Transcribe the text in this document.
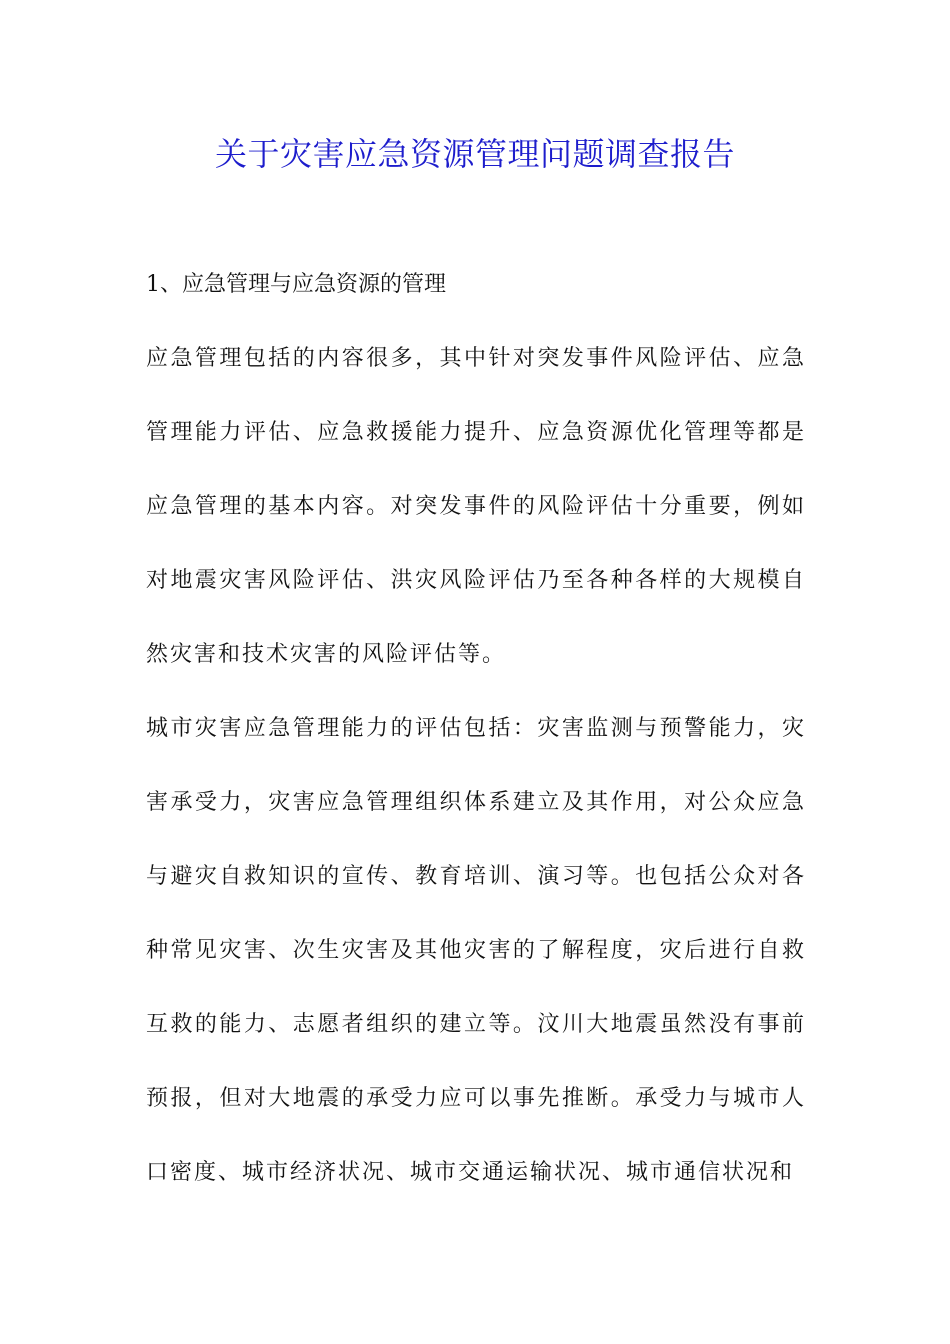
关于灾害应急资源管理问题调查报告

1、应急管理与应急资源的管理

应急管理包括的内容很多，其中针对突发事件风险评估、应急管理能力评估、应急救援能力提升、应急资源优化管理等都是应急管理的基本内容。对突发事件的风险评估十分重要，例如对地震灾害风险评估、洪灾风险评估乃至各种各样的大规模自然灾害和技术灾害的风险评估等。

城市灾害应急管理能力的评估包括：灾害监测与预警能力，灾害承受力，灾害应急管理组织体系建立及其作用，对公众应急与避灾自救知识的宣传、教育培训、演习等。也包括公众对各种常见灾害、次生灾害及其他灾害的了解程度，灾后进行自救互救的能力、志愿者组织的建立等。汶川大地震虽然没有事前预报，但对大地震的承受力应可以事先推断。承受力与城市人口密度、城市经济状况、城市交通运输状况、城市通信状况和
